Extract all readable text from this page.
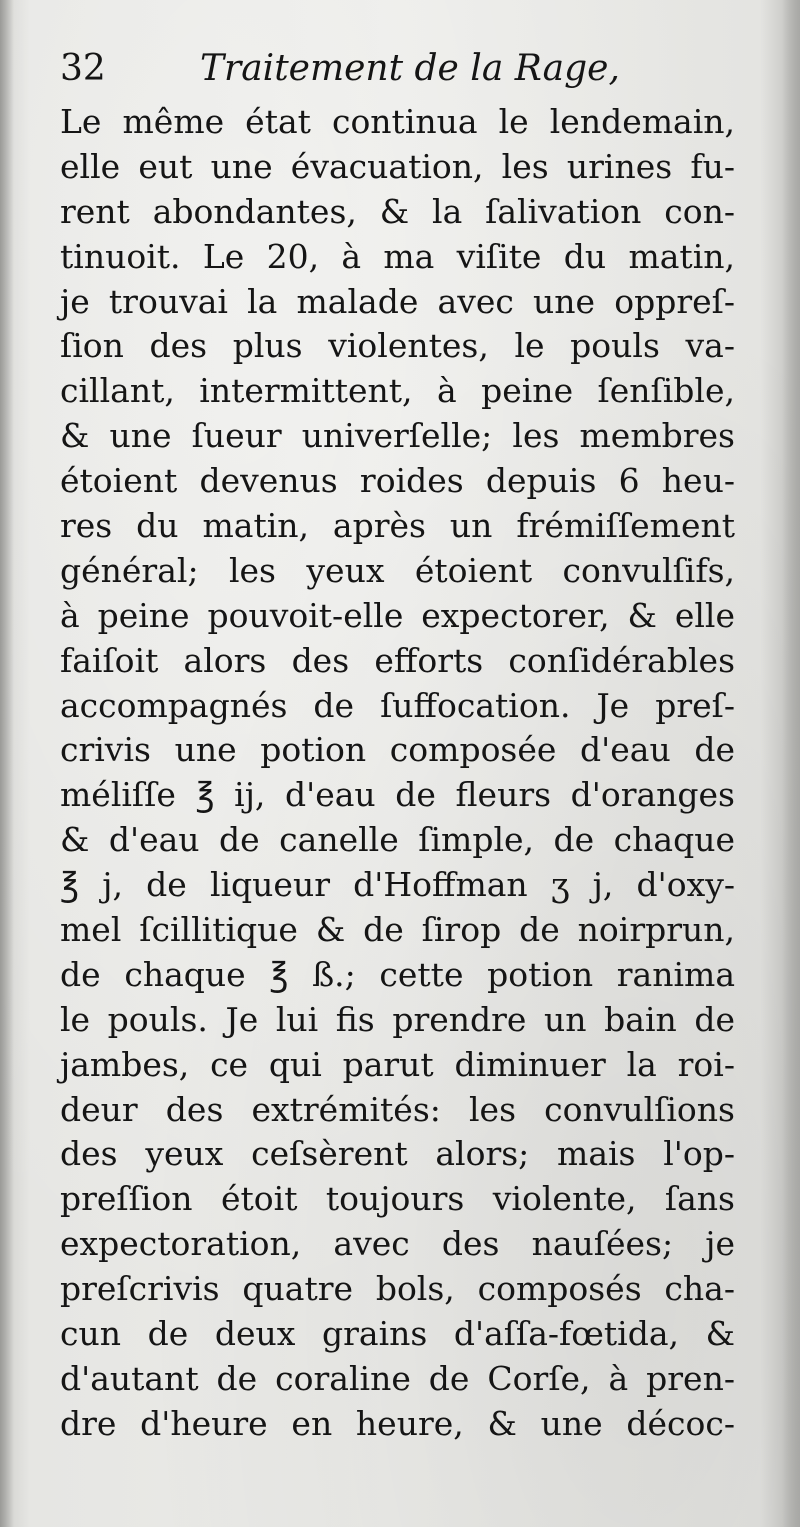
32	Traitement de la Rage,
Le même état continua le lendemain,
elle eut une évacuation, les urines fu-
rent abondantes, & la ſalivation con-
tinuoit. Le 20, à ma viſite du matin,
je trouvai la malade avec une oppreſ-
ſion des plus violentes, le pouls va-
cillant, intermittent, à peine ſenſible,
& une ſueur univerſelle; les membres
étoient devenus roides depuis 6 heu-
res du matin, après un frémiſſement
général; les yeux étoient convulſifs,
à peine pouvoit-elle expectorer, & elle
faiſoit alors des efforts conſidérables
accompagnés de ſuffocation. Je preſ-
crivis une potion composée d'eau de
méliſſe ℥ ij, d'eau de fleurs d'oranges
& d'eau de canelle ſimple, de chaque
℥ j, de liqueur d'Hoffman ʒ j, d'oxy-
mel ſcillitique & de ſirop de noirprun,
de chaque ℥ ß.; cette potion ranima
le pouls. Je lui fis prendre un bain de
jambes, ce qui parut diminuer la roi-
deur des extrémités: les convulſions
des yeux ceſsèrent alors; mais l'op-
preſſion étoit toujours violente, ſans
expectoration, avec des nauſées; je
preſcrivis quatre bols, composés cha-
cun de deux grains d'aſſa-fœtida, &
d'autant de coraline de Corſe, à pren-
dre d'heure en heure, & une décoc-
